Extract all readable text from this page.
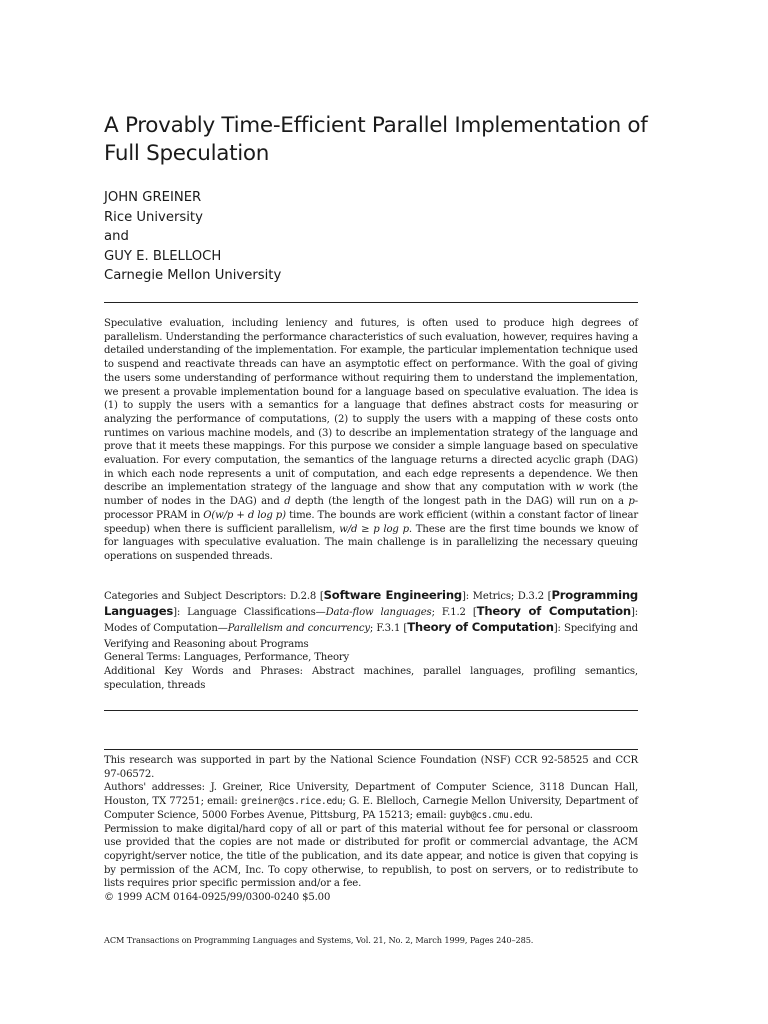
A Provably Time-Efficient Parallel Implementation of
Full Speculation
JOHN GREINER
Rice University
and
GUY E. BLELLOCH
Carnegie Mellon University

Speculative evaluation, including leniency and futures, is often used to produce high degrees of parallelism. Understanding the performance characteristics of such evaluation, however, requires having a detailed understanding of the implementation. For example, the particular implementation technique used to suspend and reactivate threads can have an asymptotic effect on performance. With the goal of giving the users some understanding of performance without requiring them to understand the implementation, we present a provable implementation bound for a language based on speculative evaluation. The idea is (1) to supply the users with a semantics for a language that defines abstract costs for measuring or analyzing the performance of computations, (2) to supply the users with a mapping of these costs onto runtimes on various machine models, and (3) to describe an implementation strategy of the language and prove that it meets these mappings. For this purpose we consider a simple language based on speculative evaluation. For every computation, the semantics of the language returns a directed acyclic graph (DAG) in which each node represents a unit of computation, and each edge represents a dependence. We then describe an implementation strategy of the language and show that any computation with w work (the number of nodes in the DAG) and d depth (the length of the longest path in the DAG) will run on a p-processor PRAM in O(w/p + d log p) time. The bounds are work efficient (within a constant factor of linear speedup) when there is sufficient parallelism, w/d ≥ p log p. These are the first time bounds we know of for languages with speculative evaluation. The main challenge is in parallelizing the necessary queuing operations on suspended threads.

Categories and Subject Descriptors: D.2.8 [Software Engineering]: Metrics; D.3.2 [Programming Languages]: Language Classifications—Data-flow languages; F.1.2 [Theory of Computation]: Modes of Computation—Parallelism and concurrency; F.3.1 [Theory of Computation]: Specifying and Verifying and Reasoning about Programs

General Terms: Languages, Performance, Theory
Additional Key Words and Phrases: Abstract machines, parallel languages, profiling semantics, speculation, threads

This research was supported in part by the National Science Foundation (NSF) CCR 92-58525 and CCR 97-06572.

Authors' addresses: J. Greiner, Rice University, Department of Computer Science, 3118 Duncan Hall, Houston, TX 77251; email: greiner@cs.rice.edu; G. E. Blelloch, Carnegie Mellon University, Department of Computer Science, 5000 Forbes Avenue, Pittsburg, PA 15213; email: guyb@cs.cmu.edu.

Permission to make digital/hard copy of all or part of this material without fee for personal or classroom use provided that the copies are not made or distributed for profit or commercial advantage, the ACM copyright/server notice, the title of the publication, and its date appear, and notice is given that copying is by permission of the ACM, Inc. To copy otherwise, to republish, to post on servers, or to redistribute to lists requires prior specific permission and/or a fee.

© 1999 ACM 0164-0925/99/0300-0240 $5.00

ACM Transactions on Programming Languages and Systems, Vol. 21, No. 2, March 1999, Pages 240–285.
